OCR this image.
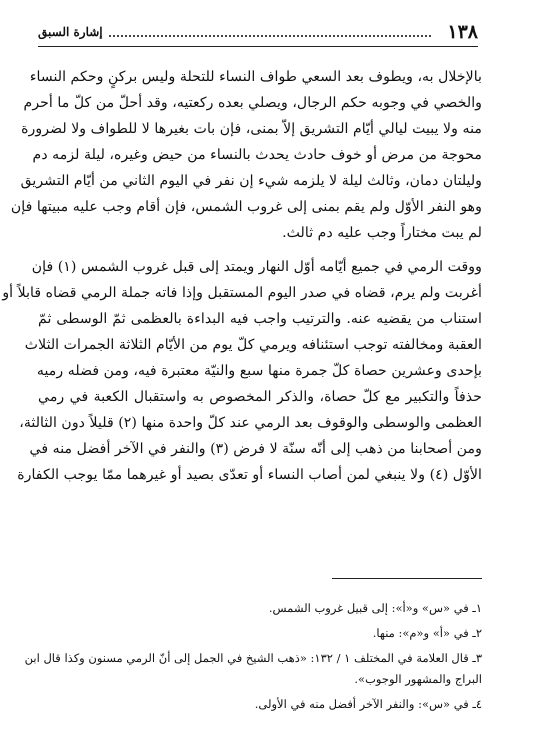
١٣٨
إشارة السبق

بالإخلال به، ويطوف بعد السعي طواف النساء للتحلة وليس بركنٍ وحكم النساء
والخصي في وجوبه حكم الرجال، ويصلي بعده ركعتيه، وقد أحلّ من كلّ ما أحرم
منه ولا يبيت ليالي أيّام التشريق إلاّ بمنى، فإن بات بغيرها لا للطواف ولا لضرورة
محوجة من مرض أو خوف حادث يحدث بالنساء من حيض وغيره، ليلة لزمه دم
وليلتان دمان، وثالث ليلة لا يلزمه شيء إن نفر في اليوم الثاني من أيّام التشريق
وهو النفر الأوّل ولم يقم بمنى إلى غروب الشمس، فإن أقام وجب عليه مبيتها فإن
لم يبت مختاراً وجب عليه دم ثالث.

ووقت الرمي في جميع أيّامه أوّل النهار ويمتد إلى قبل غروب الشمس (١) فإن
أغربت ولم يرم، قضاه في صدر اليوم المستقبل وإذا فاته جملة الرمي قضاه قابلاً أو
استناب من يقضيه عنه. والترتيب واجب فيه البداءة بالعظمى ثمّ الوسطى ثمّ
العقبة ومخالفته توجب استئنافه ويرمي كلّ يوم من الأيّام الثلاثة الجمرات الثلاث
بإحدى وعشرين حصاة كلّ جمرة منها سبع والنيّة معتبرة فيه، ومن فضله رميه
حذفاً والتكبير مع كلّ حصاة، والذكر المخصوص به واستقبال الكعبة في رمي
العظمى والوسطى والوقوف بعد الرمي عند كلّ واحدة منها (٢) قليلاً دون الثالثة،
ومن أصحابنا من ذهب إلى أنّه سنّة لا فرض (٣) والنفر في الآخر أفضل منه في
الأوّل (٤) ولا ينبغي لمن أصاب النساء أو تعدّى بصيد أو غيرهما ممّا يوجب الكفارة

١ـ في «س» و«أ»: إلى قبيل غروب الشمس.

٢ـ في «أ» و«م»: منها.

٣ـ قال العلامة في المختلف ١ / ١٣٢: «ذهب الشيخ في الجمل إلى أنّ الرمي مسنون وكذا قال ابن
البراج والمشهور الوجوب».

٤ـ في «س»: والنفر الآخر أفضل منه في الأولى.
